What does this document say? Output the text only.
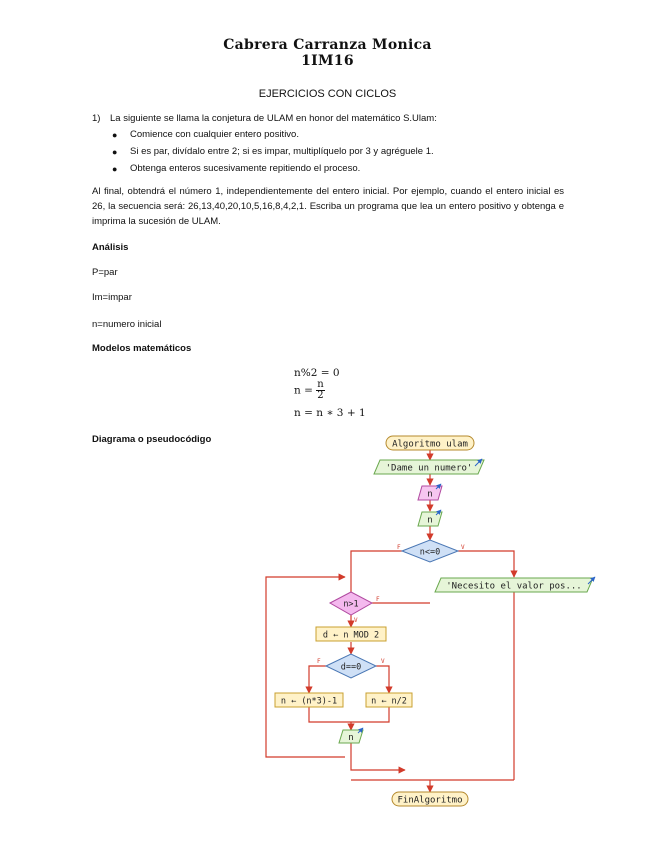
Cabrera Carranza Monica
1IM16
EJERCICIOS CON CICLOS
1) La siguiente se llama la conjetura de ULAM en honor del matemático S.Ulam:
● Comience con cualquier entero positivo.
● Si es par, divídalo entre 2; si es impar, multiplíquelo por 3 y agréguele 1.
● Obtenga enteros sucesivamente repitiendo el proceso.
Al final, obtendrá el número 1, independientemente del entero inicial. Por ejemplo, cuando el entero inicial es 26, la secuencia será: 26,13,40,20,10,5,16,8,4,2,1. Escriba un programa que lea un entero positivo y obtenga e imprima la sucesión de ULAM.
Análisis
P=par
Im=impar
n=numero inicial
Modelos matemáticos
n%2 = 0
$n = \frac{n}{2}$
n = n ∗ 3 + 1
Diagrama o pseudocódigo	Algoritmo ulam
'Dame un numero'
n
n
n<=0
F	V
'Necesito el valor pos...
n>1	F
V
d ← n MOD 2
d==0
F	V
n ← (n*3)-1	n ← n/2
n
FinAlgoritmo
